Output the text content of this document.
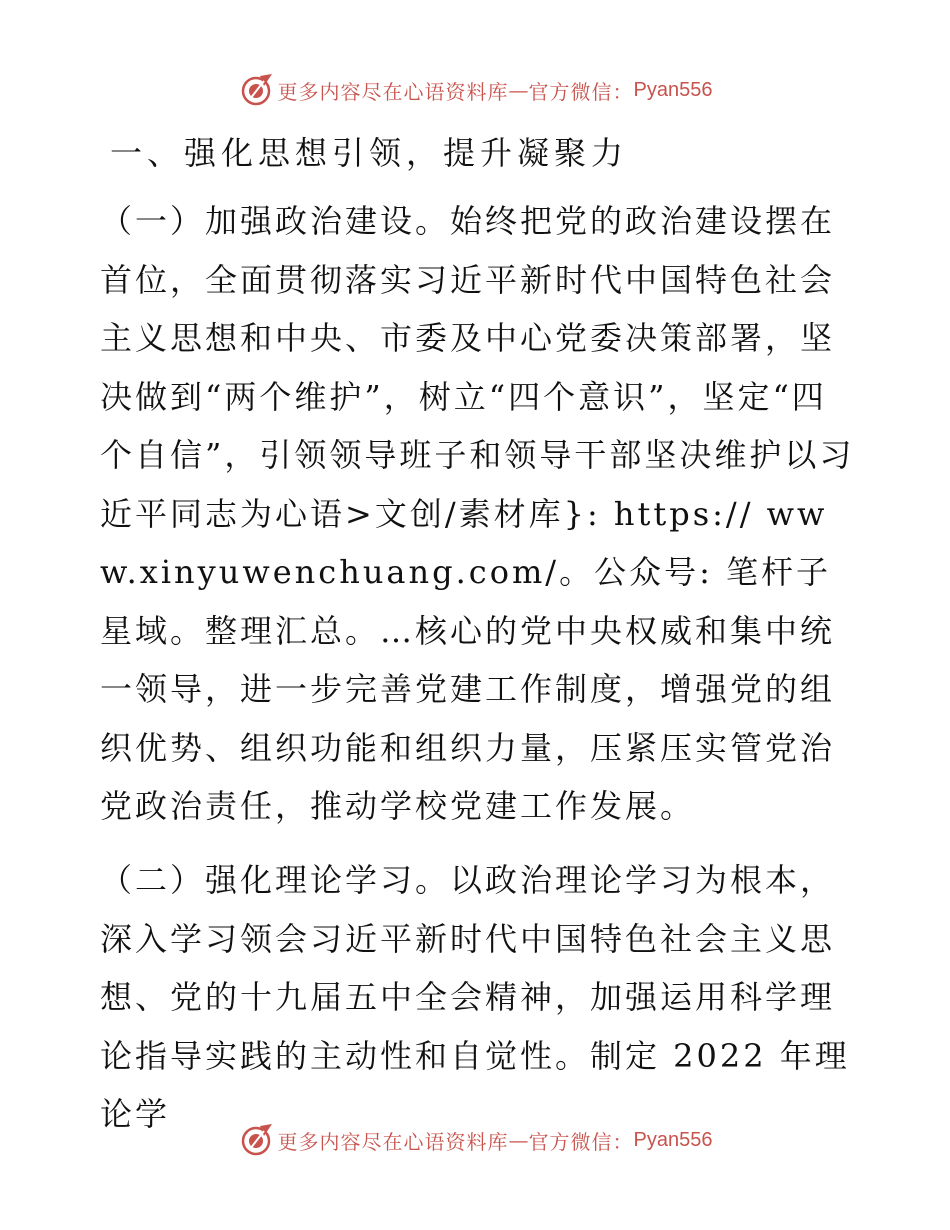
更多内容尽在心语资料库 — 官方微信： Pyan556
一、强化思想引领，提升凝聚力

（一）加强政治建设。始终把党的政治建设摆在首位，全面贯彻落实习近平新时代中国特色社会主义思想和中央、市委及中心党委决策部署，坚决做到“两个维护”，树立“四个意识”，坚定“四个自信”，引领领导班子和领导干部坚决维护以习近平同志为心语>文创/素材库}: https:// www.xinyuwenchuang.com/。公众号: 笔杆子星域。整理汇总。…核心的党中央权威和集中统一领导，进一步完善党建工作制度，增强党的组织优势、组织功能和组织力量，压紧压实管党治党政治责任，推动学校党建工作发展。

（二）强化理论学习。以政治理论学习为根本，深入学习领会习近平新时代中国特色社会主义思想、党的十九届五中全会精神，加强运用科学理论指导实践的主动性和自觉性。制定 2022 年理论学

更多内容尽在心语资料库 — 官方微信： Pyan556
